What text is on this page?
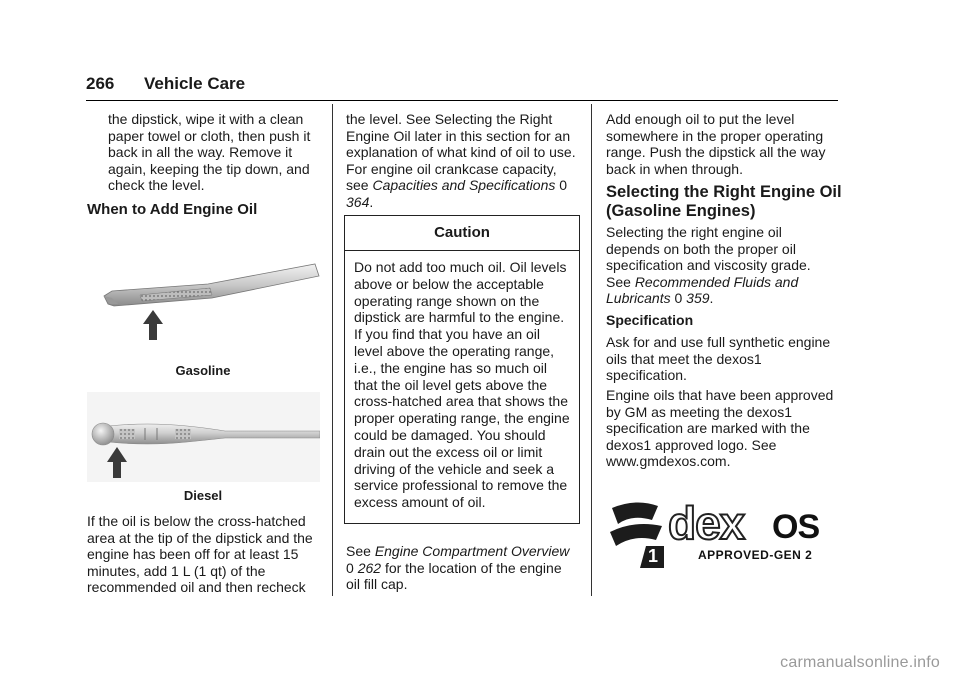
266 Vehicle Care

the dipstick, wipe it with a clean paper towel or cloth, then push it back in all the way. Remove it again, keeping the tip down, and check the level.

When to Add Engine Oil
Gasoline
Diesel

If the oil is below the cross-hatched area at the tip of the dipstick and the engine has been off for at least 15 minutes, add 1 L (1 qt) of the recommended oil and then recheck

the level. See Selecting the Right Engine Oil later in this section for an explanation of what kind of oil to use. For engine oil crankcase capacity, see Capacities and Specifications 0 364.

Caution
Do not add too much oil. Oil levels above or below the acceptable operating range shown on the dipstick are harmful to the engine. If you find that you have an oil level above the operating range, i.e., the engine has so much oil that the oil level gets above the cross-hatched area that shows the proper operating range, the engine could be damaged. You should drain out the excess oil or limit driving of the vehicle and seek a service professional to remove the excess amount of oil.

See Engine Compartment Overview
0 262 for the location of the engine oil fill cap.

Add enough oil to put the level somewhere in the proper operating range. Push the dipstick all the way back in when through.

Selecting the Right Engine Oil (Gasoline Engines)

Selecting the right engine oil depends on both the proper oil specification and viscosity grade. See Recommended Fluids and Lubricants 0 359.

Specification

Ask for and use full synthetic engine oils that meet the dexos1 specification.

Engine oils that have been approved by GM as meeting the dexos1 specification are marked with the dexos1 approved logo. See www.gmdexos.com.

1
dex OS
APPROVED-GEN 2
carmanualsonline.info
